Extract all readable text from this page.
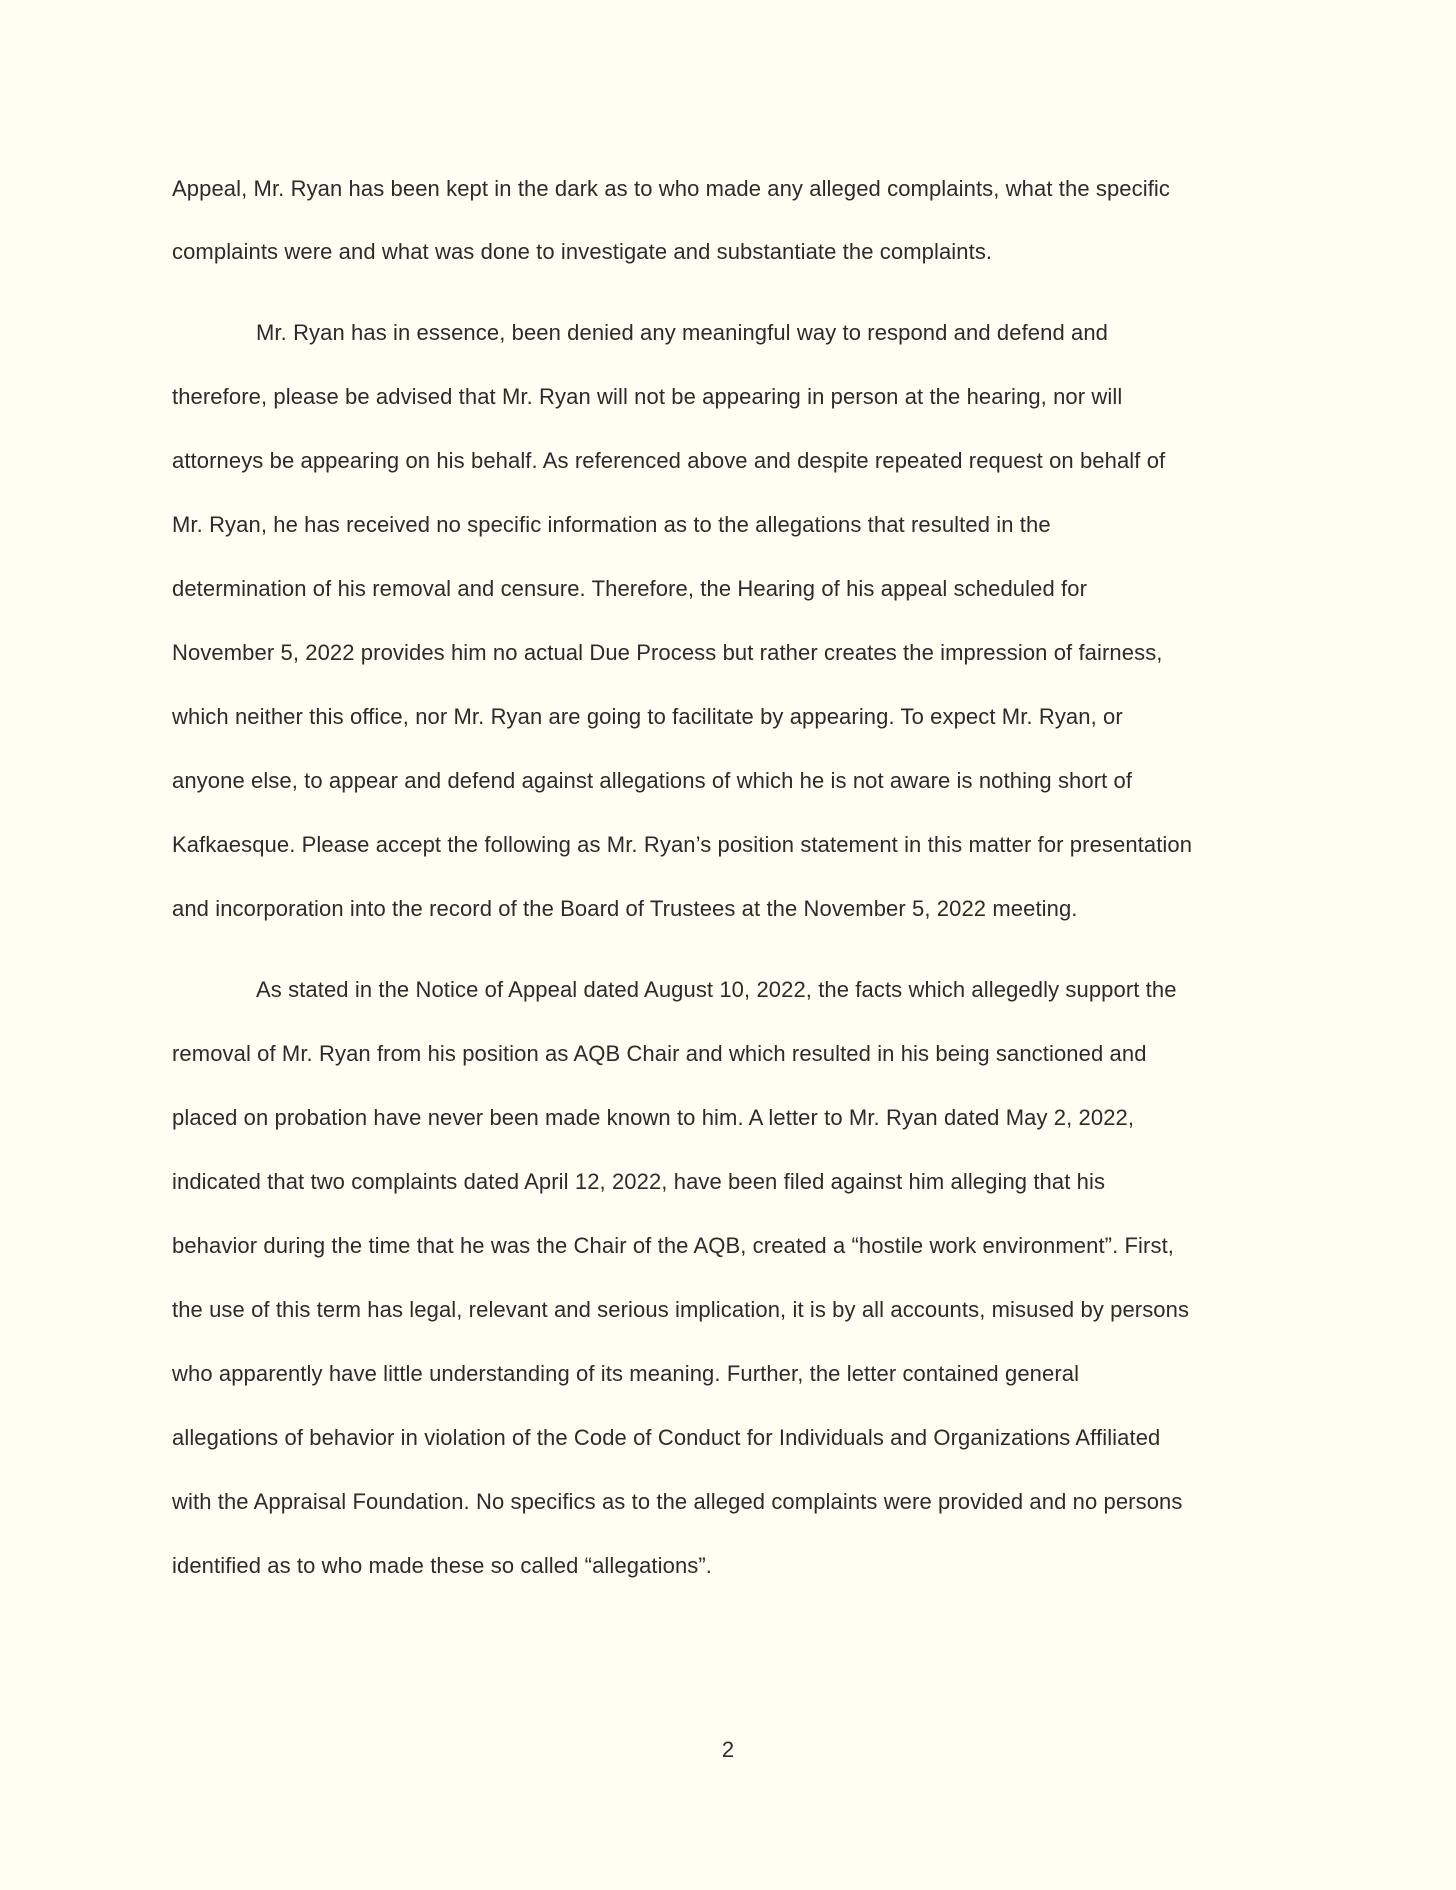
Appeal, Mr. Ryan has been kept in the dark as to who made any alleged complaints, what the specific
complaints were and what was done to investigate and substantiate the complaints.
Mr. Ryan has in essence, been denied any meaningful way to respond and defend and
therefore, please be advised that Mr. Ryan will not be appearing in person at the hearing, nor will
attorneys be appearing on his behalf. As referenced above and despite repeated request on behalf of
Mr. Ryan, he has received no specific information as to the allegations that resulted in the
determination of his removal and censure. Therefore, the Hearing of his appeal scheduled for
November 5, 2022 provides him no actual Due Process but rather creates the impression of fairness,
which neither this office, nor Mr. Ryan are going to facilitate by appearing. To expect Mr. Ryan, or
anyone else, to appear and defend against allegations of which he is not aware is nothing short of
Kafkaesque. Please accept the following as Mr. Ryan’s position statement in this matter for presentation
and incorporation into the record of the Board of Trustees at the November 5, 2022 meeting.
As stated in the Notice of Appeal dated August 10, 2022, the facts which allegedly support the
removal of Mr. Ryan from his position as AQB Chair and which resulted in his being sanctioned and
placed on probation have never been made known to him. A letter to Mr. Ryan dated May 2, 2022,
indicated that two complaints dated April 12, 2022, have been filed against him alleging that his
behavior during the time that he was the Chair of the AQB, created a “hostile work environment”. First,
the use of this term has legal, relevant and serious implication, it is by all accounts, misused by persons
who apparently have little understanding of its meaning. Further, the letter contained general
allegations of behavior in violation of the Code of Conduct for Individuals and Organizations Affiliated
with the Appraisal Foundation. No specifics as to the alleged complaints were provided and no persons
identified as to who made these so called “allegations”.
2
